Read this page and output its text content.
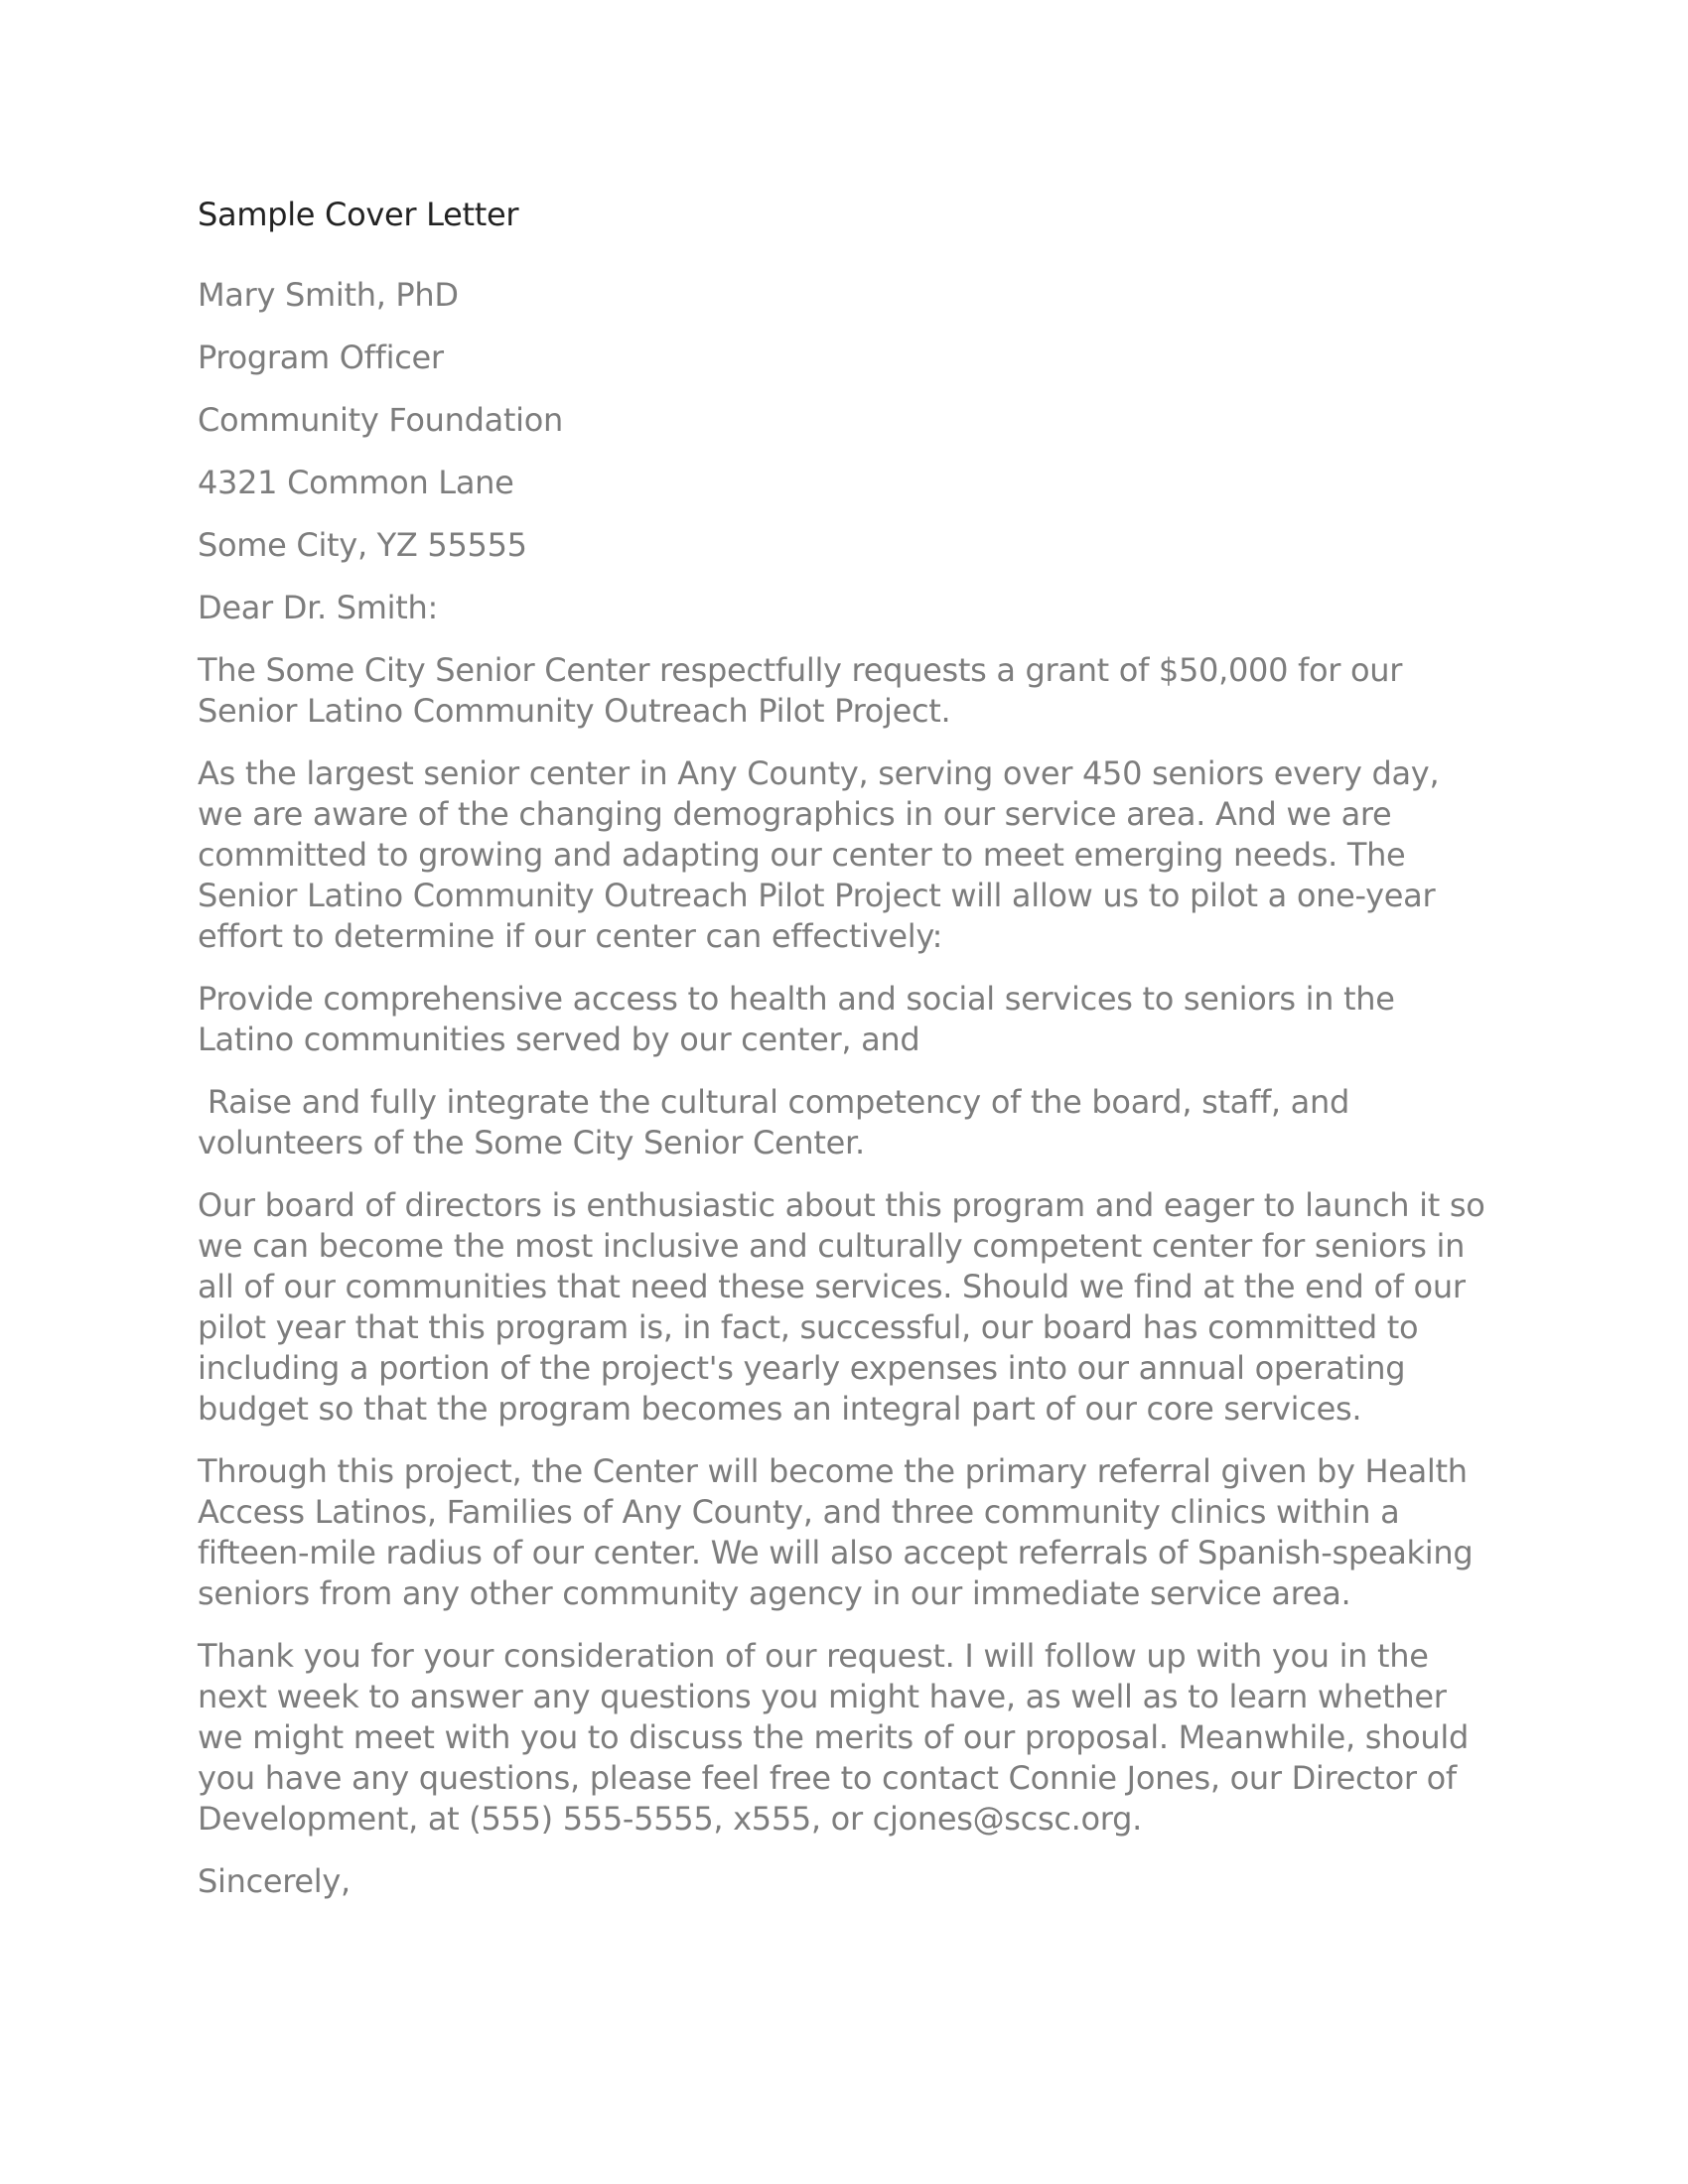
Sample Cover Letter
Mary Smith, PhD
Program Officer
Community Foundation
4321 Common Lane
Some City, YZ 55555
Dear Dr. Smith:
The Some City Senior Center respectfully requests a grant of $50,000 for our Senior Latino Community Outreach Pilot Project.
As the largest senior center in Any County, serving over 450 seniors every day, we are aware of the changing demographics in our service area. And we are committed to growing and adapting our center to meet emerging needs. The Senior Latino Community Outreach Pilot Project will allow us to pilot a one-year effort to determine if our center can effectively:
Provide comprehensive access to health and social services to seniors in the Latino communities served by our center, and
Raise and fully integrate the cultural competency of the board, staff, and volunteers of the Some City Senior Center.
Our board of directors is enthusiastic about this program and eager to launch it so we can become the most inclusive and culturally competent center for seniors in all of our communities that need these services. Should we find at the end of our pilot year that this program is, in fact, successful, our board has committed to including a portion of the project's yearly expenses into our annual operating budget so that the program becomes an integral part of our core services.
Through this project, the Center will become the primary referral given by Health Access Latinos, Families of Any County, and three community clinics within a fifteen-mile radius of our center. We will also accept referrals of Spanish-speaking seniors from any other community agency in our immediate service area.
Thank you for your consideration of our request. I will follow up with you in the next week to answer any questions you might have, as well as to learn whether we might meet with you to discuss the merits of our proposal. Meanwhile, should you have any questions, please feel free to contact Connie Jones, our Director of Development, at (555) 555-5555, x555, or cjones@scsc.org.
Sincerely,
